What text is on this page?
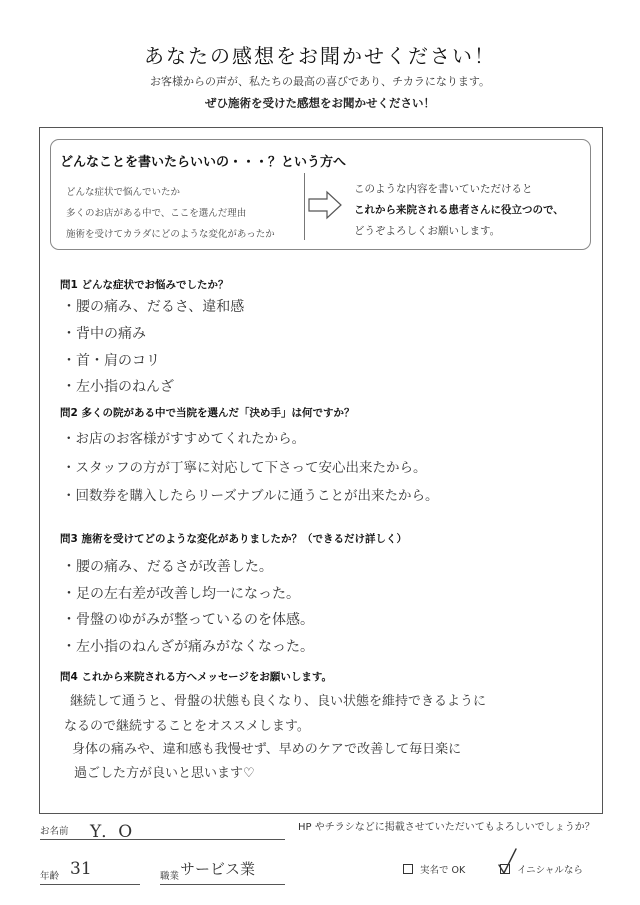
あなたの感想をお聞かせください！
お客様からの声が、私たちの最高の喜びであり、チカラになります。
ぜひ施術を受けた感想をお聞かせください！
どんなことを書いたらいいの・・・？という方へ
どんな症状で悩んでいたか
多くのお店がある中で、ここを選んだ理由
施術を受けてカラダにどのような変化があったか
このような内容を書いていただけると
これから来院される患者さんに役立つので、
どうぞよろしくお願いします。
問1 どんな症状でお悩みでしたか？
・腰の痛み、だるさ、違和感
・背中の痛み
・首・肩のコリ
・左小指のねんざ
問2 多くの院がある中で当院を選んだ「決め手」は何ですか？
・お店のお客様がすすめてくれたから。
・スタッフの方が丁寧に対応して下さって安心出来たから。
・回数券を購入したらリーズナブルに通うことが出来たから。
問3 施術を受けてどのような変化がありましたか？（できるだけ詳しく）
・腰の痛み、だるさが改善した。
・足の左右差が改善し均一になった。
・骨盤のゆがみが整っているのを体感。
・左小指のねんざが痛みがなくなった。
問4 これから来院される方へメッセージをお願いします。
継続して通うと、骨盤の状態も良くなり、良い状態を維持できるように
なるので継続することをオススメします。
身体の痛みや、違和感も我慢せず、早めのケアで改善して毎日楽に
過ごした方が良いと思います♡
お名前 Y．O	HP やチラシなどに掲載させていただいてもよろしいでしょうか？
年齢 31	職業 サービス業	実名で OK	イニシャルなら
